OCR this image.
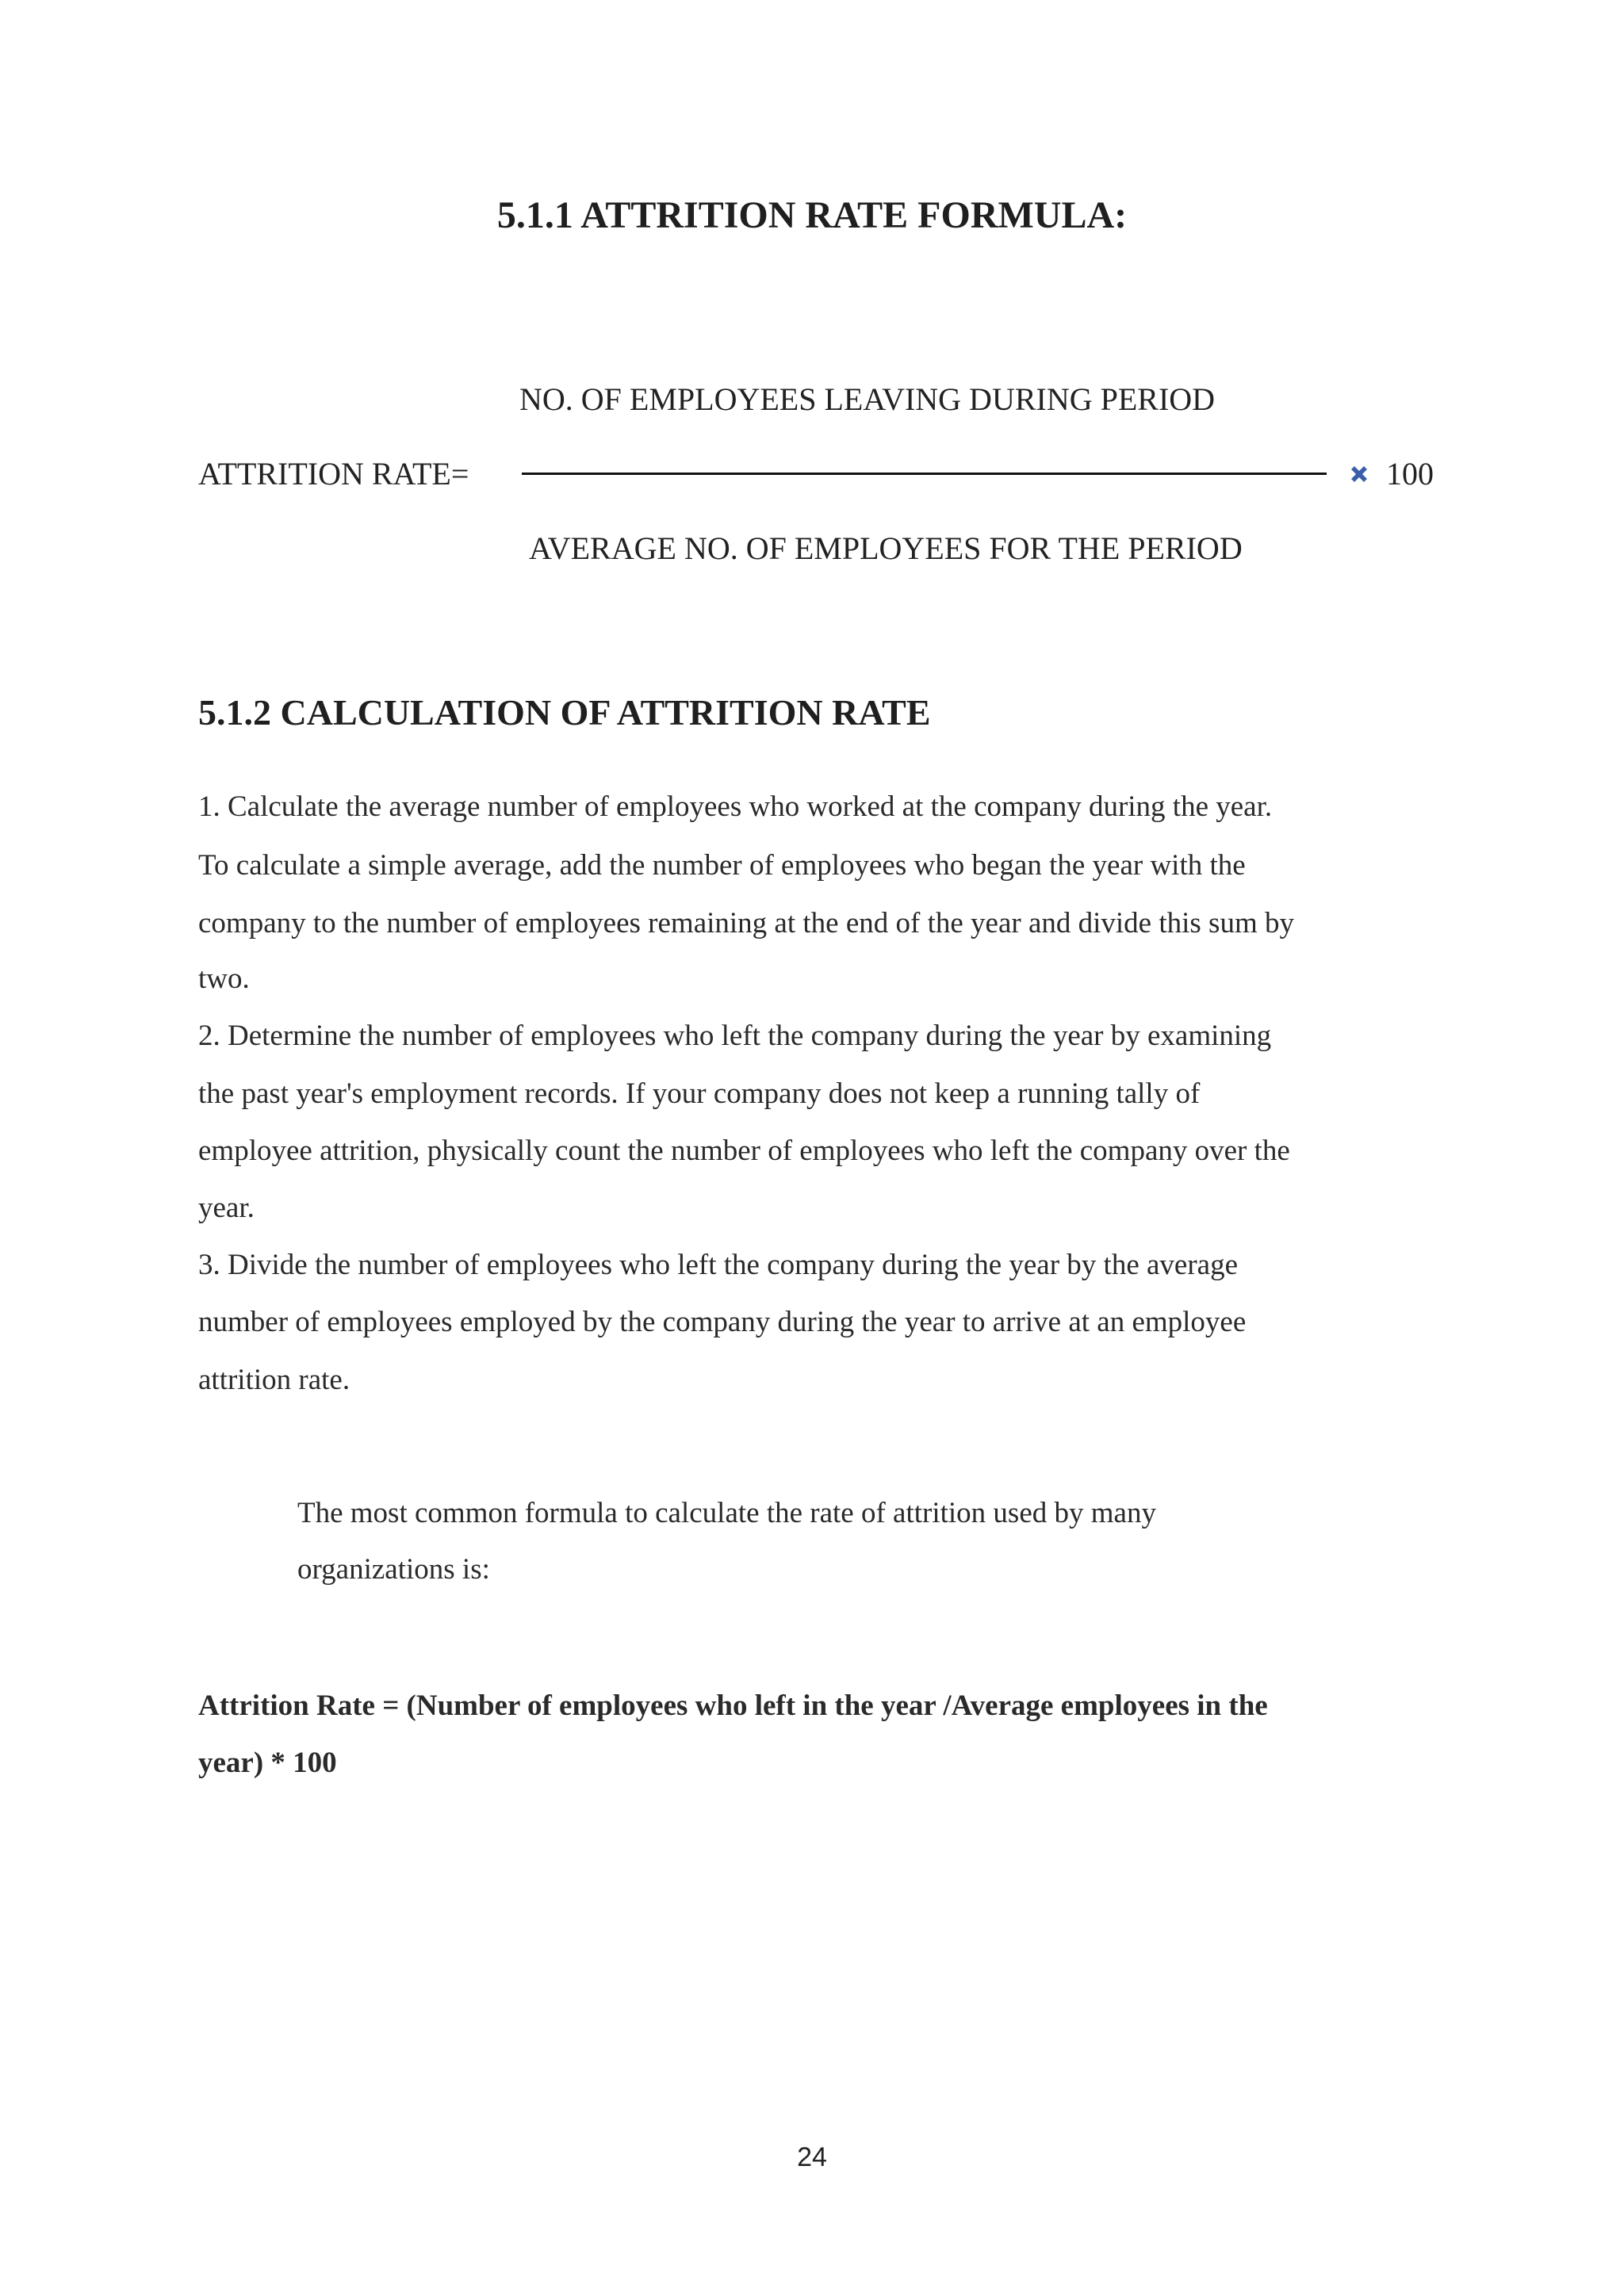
5.1.1 ATTRITION RATE FORMULA:
NO. OF EMPLOYEES LEAVING DURING PERIOD
ATTRITION RATE=	100
AVERAGE NO. OF EMPLOYEES FOR THE PERIOD
5.1.2 CALCULATION OF ATTRITION RATE
1. Calculate the average number of employees who worked at the company during the year.
To calculate a simple average, add the number of employees who began the year with the
company to the number of employees remaining at the end of the year and divide this sum by
two.
2. Determine the number of employees who left the company during the year by examining
the past year's employment records. If your company does not keep a running tally of
employee attrition, physically count the number of employees who left the company over the
year.
3. Divide the number of employees who left the company during the year by the average
number of employees employed by the company during the year to arrive at an employee
attrition rate.
The most common formula to calculate the rate of attrition used by many
organizations is:
Attrition Rate = (Number of employees who left in the year /Average employees in the
year) * 100
24
